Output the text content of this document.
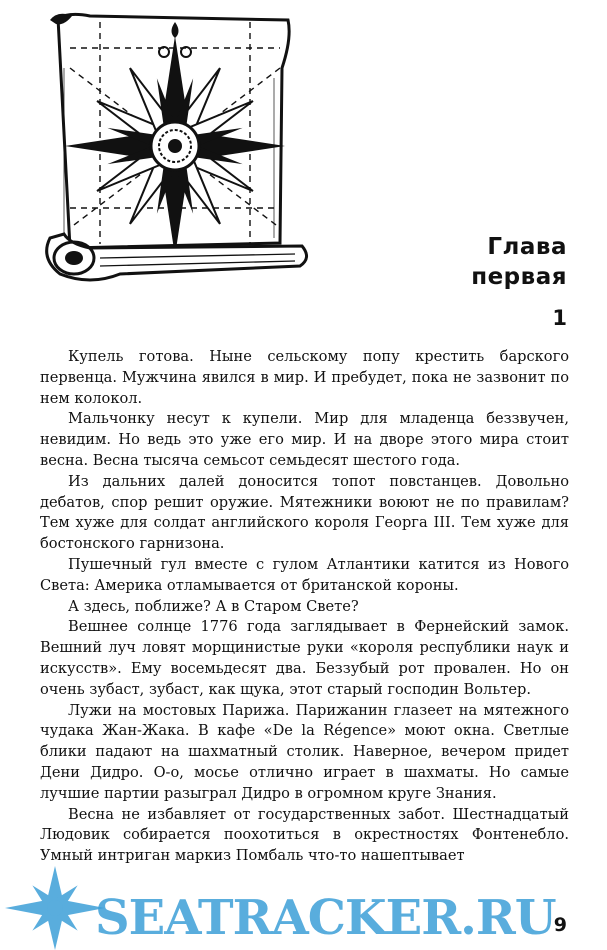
Глава
первая
1

Купель готова. Ныне сельскому попу крестить барского первенца. Мужчина явился в мир. И пребудет, пока не зазвонит по нем колокол.

Мальчонку несут к купели. Мир для младенца беззвучен, невидим. Но ведь это уже его мир. И на дворе этого мира стоит весна. Весна тысяча семьсот семьдесят шестого года.

Из дальних далей доносится топот повстанцев. Довольно дебатов, спор решит оружие. Мятежники воюют не по правилам? Тем хуже для солдат английского короля Георга III. Тем хуже для бостонского гарнизона.

Пушечный гул вместе с гулом Атлантики катится из Нового Света: Америка отламывается от британской короны.

А здесь, поближе? А в Старом Свете?

Вешнее солнце 1776 года заглядывает в Фернейский замок. Вешний луч ловят морщинистые руки «короля республики наук и искусств». Ему восемьдесят два. Беззубый рот провален. Но он очень зубаст, зубаст, как щука, этот старый господин Вольтер.

Лужи на мостовых Парижа. Парижанин глазеет на мятежного чудака Жан-Жака. В кафе «De la Régence» моют окна. Светлые блики падают на шахматный столик. Наверное, вечером придет Дени Дидро. О-о, мосье отлично играет в шахматы. Но самые лучшие партии разыграл Дидро в огромном круге Знания.

Весна не избавляет от государственных забот. Шестнадцатый Людовик собирается поохотиться в окрестностях Фонтенебло. Умный интриган маркиз Помбаль что-то нашептывает

SEATRACKER.RU
9
